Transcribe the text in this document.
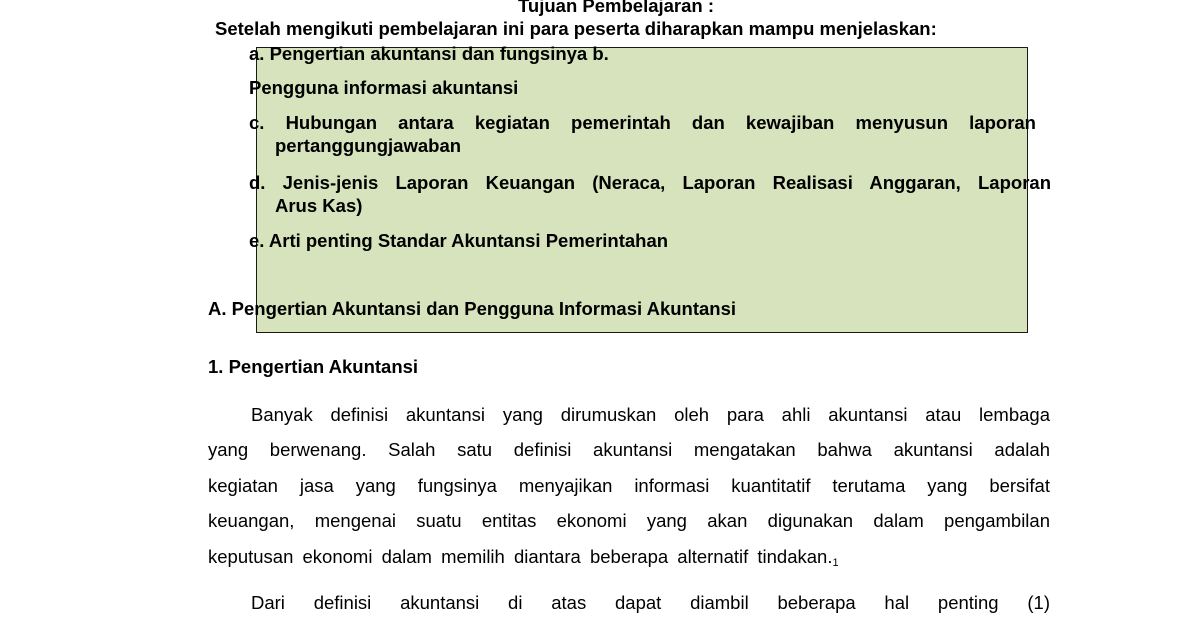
Tujuan Pembelajaran :
Setelah mengikuti pembelajaran ini para peserta diharapkan mampu menjelaskan:
a. Pengertian akuntansi dan fungsinya b.
Pengguna informasi akuntansi
c. Hubungan antara kegiatan pemerintah dan kewajiban menyusun laporan
pertanggungjawaban
d. Jenis-jenis Laporan Keuangan (Neraca, Laporan Realisasi Anggaran, Laporan
Arus Kas)
e. Arti penting Standar Akuntansi Pemerintahan
A. Pengertian Akuntansi dan Pengguna Informasi Akuntansi
1. Pengertian Akuntansi
Banyak definisi akuntansi yang dirumuskan oleh para ahli akuntansi atau lembaga
yang berwenang. Salah satu definisi akuntansi mengatakan bahwa akuntansi adalah
kegiatan jasa yang fungsinya menyajikan informasi kuantitatif terutama yang bersifat
keuangan, mengenai suatu entitas ekonomi yang akan digunakan dalam pengambilan
keputusan ekonomi dalam memilih diantara beberapa alternatif $tindakan._1$
Dari definisi akuntansi di atas dapat diambil beberapa hal penting (1)
